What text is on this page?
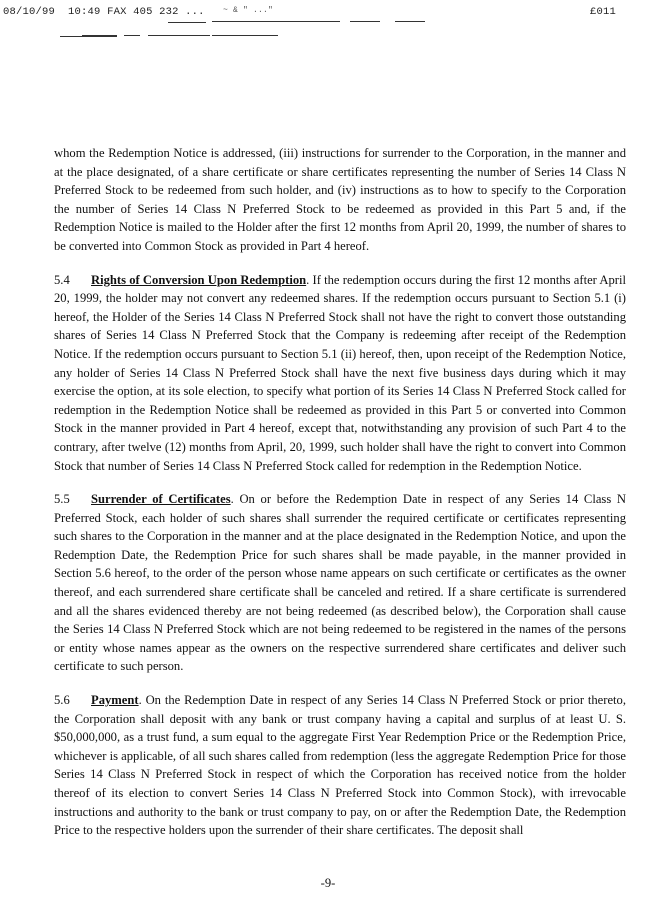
08/10/99 10:49 FAX 405 232 ... ~ & " ..."	£011

whom the Redemption Notice is addressed, (iii) instructions for surrender to the Corporation, in the manner and at the place designated, of a share certificate or share certificates representing the number of Series 14 Class N Preferred Stock to be redeemed from such holder, and (iv) instructions as to how to specify to the Corporation the number of Series 14 Class N Preferred Stock to be redeemed as provided in this Part 5 and, if the Redemption Notice is mailed to the Holder after the first 12 months from April 20, 1999, the number of shares to be converted into Common Stock as provided in Part 4 hereof.

5.4 Rights of Conversion Upon Redemption. If the redemption occurs during the first 12 months after April 20, 1999, the holder may not convert any redeemed shares. If the redemption occurs pursuant to Section 5.1 (i) hereof, the Holder of the Series 14 Class N Preferred Stock shall not have the right to convert those outstanding shares of Series 14 Class N Preferred Stock that the Company is redeeming after receipt of the Redemption Notice. If the redemption occurs pursuant to Section 5.1 (ii) hereof, then, upon receipt of the Redemption Notice, any holder of Series 14 Class N Preferred Stock shall have the next five business days during which it may exercise the option, at its sole election, to specify what portion of its Series 14 Class N Preferred Stock called for redemption in the Redemption Notice shall be redeemed as provided in this Part 5 or converted into Common Stock in the manner provided in Part 4 hereof, except that, notwithstanding any provision of such Part 4 to the contrary, after twelve (12) months from April, 20, 1999, such holder shall have the right to convert into Common Stock that number of Series 14 Class N Preferred Stock called for redemption in the Redemption Notice.

5.5 Surrender of Certificates. On or before the Redemption Date in respect of any Series 14 Class N Preferred Stock, each holder of such shares shall surrender the required certificate or certificates representing such shares to the Corporation in the manner and at the place designated in the Redemption Notice, and upon the Redemption Date, the Redemption Price for such shares shall be made payable, in the manner provided in Section 5.6 hereof, to the order of the person whose name appears on such certificate or certificates as the owner thereof, and each surrendered share certificate shall be canceled and retired. If a share certificate is surrendered and all the shares evidenced thereby are not being redeemed (as described below), the Corporation shall cause the Series 14 Class N Preferred Stock which are not being redeemed to be registered in the names of the persons or entity whose names appear as the owners on the respective surrendered share certificates and deliver such certificate to such person.

5.6 Payment. On the Redemption Date in respect of any Series 14 Class N Preferred Stock or prior thereto, the Corporation shall deposit with any bank or trust company having a capital and surplus of at least U. S. $50,000,000, as a trust fund, a sum equal to the aggregate First Year Redemption Price or the Redemption Price, whichever is applicable, of all such shares called from redemption (less the aggregate Redemption Price for those Series 14 Class N Preferred Stock in respect of which the Corporation has received notice from the holder thereof of its election to convert Series 14 Class N Preferred Stock into Common Stock), with irrevocable instructions and authority to the bank or trust company to pay, on or after the Redemption Date, the Redemption Price to the respective holders upon the surrender of their share certificates. The deposit shall

-9-
